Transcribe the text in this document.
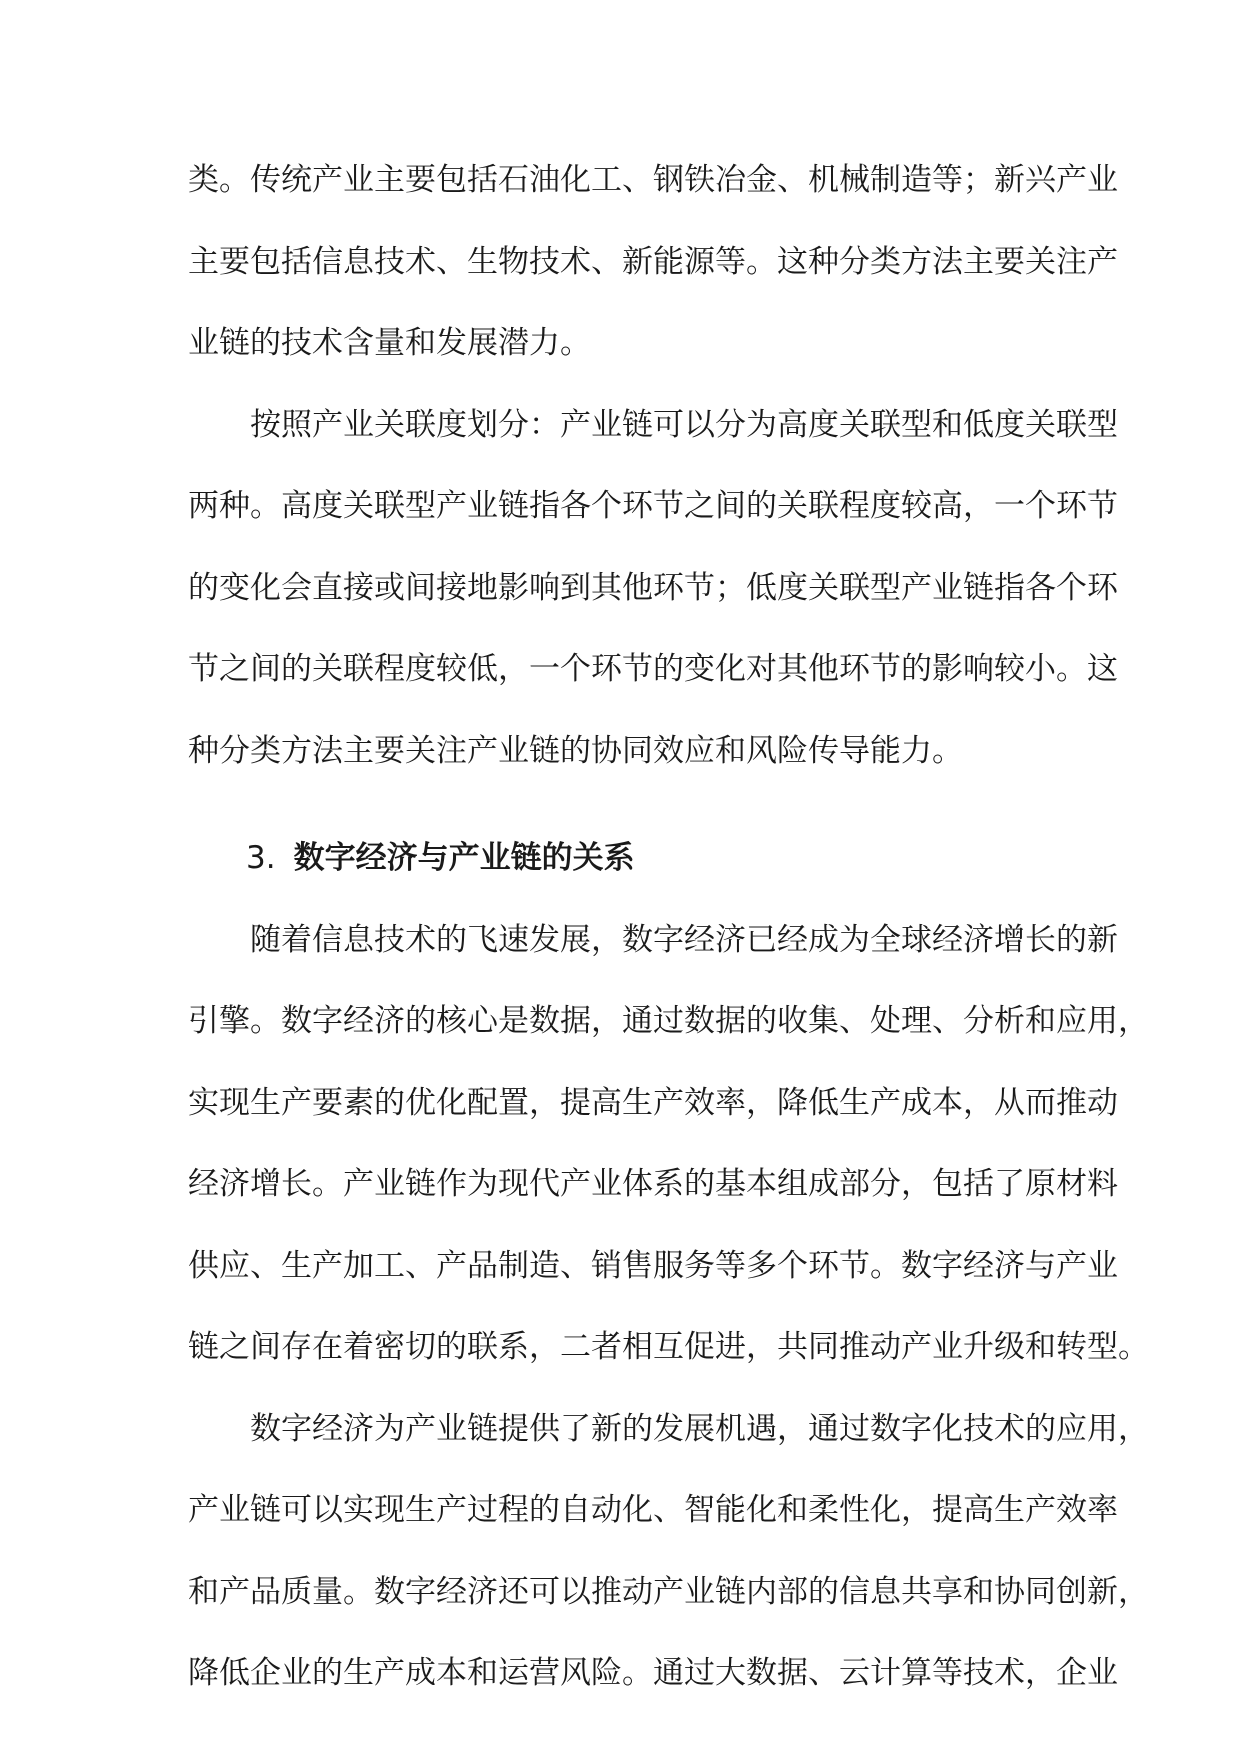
类。传统产业主要包括石油化工、钢铁冶金、机械制造等；新兴产业
主要包括信息技术、生物技术、新能源等。这种分类方法主要关注产
业链的技术含量和发展潜力。
按照产业关联度划分：产业链可以分为高度关联型和低度关联型
两种。高度关联型产业链指各个环节之间的关联程度较高，一个环节
的变化会直接或间接地影响到其他环节；低度关联型产业链指各个环
节之间的关联程度较低，一个环节的变化对其他环节的影响较小。这
种分类方法主要关注产业链的协同效应和风险传导能力。
3. 数字经济与产业链的关系
随着信息技术的飞速发展，数字经济已经成为全球经济增长的新
引擎。数字经济的核心是数据，通过数据的收集、处理、分析和应用，
实现生产要素的优化配置，提高生产效率，降低生产成本，从而推动
经济增长。产业链作为现代产业体系的基本组成部分，包括了原材料
供应、生产加工、产品制造、销售服务等多个环节。数字经济与产业
链之间存在着密切的联系，二者相互促进，共同推动产业升级和转型。
数字经济为产业链提供了新的发展机遇，通过数字化技术的应用，
产业链可以实现生产过程的自动化、智能化和柔性化，提高生产效率
和产品质量。数字经济还可以推动产业链内部的信息共享和协同创新，
降低企业的生产成本和运营风险。通过大数据、云计算等技术，企业
